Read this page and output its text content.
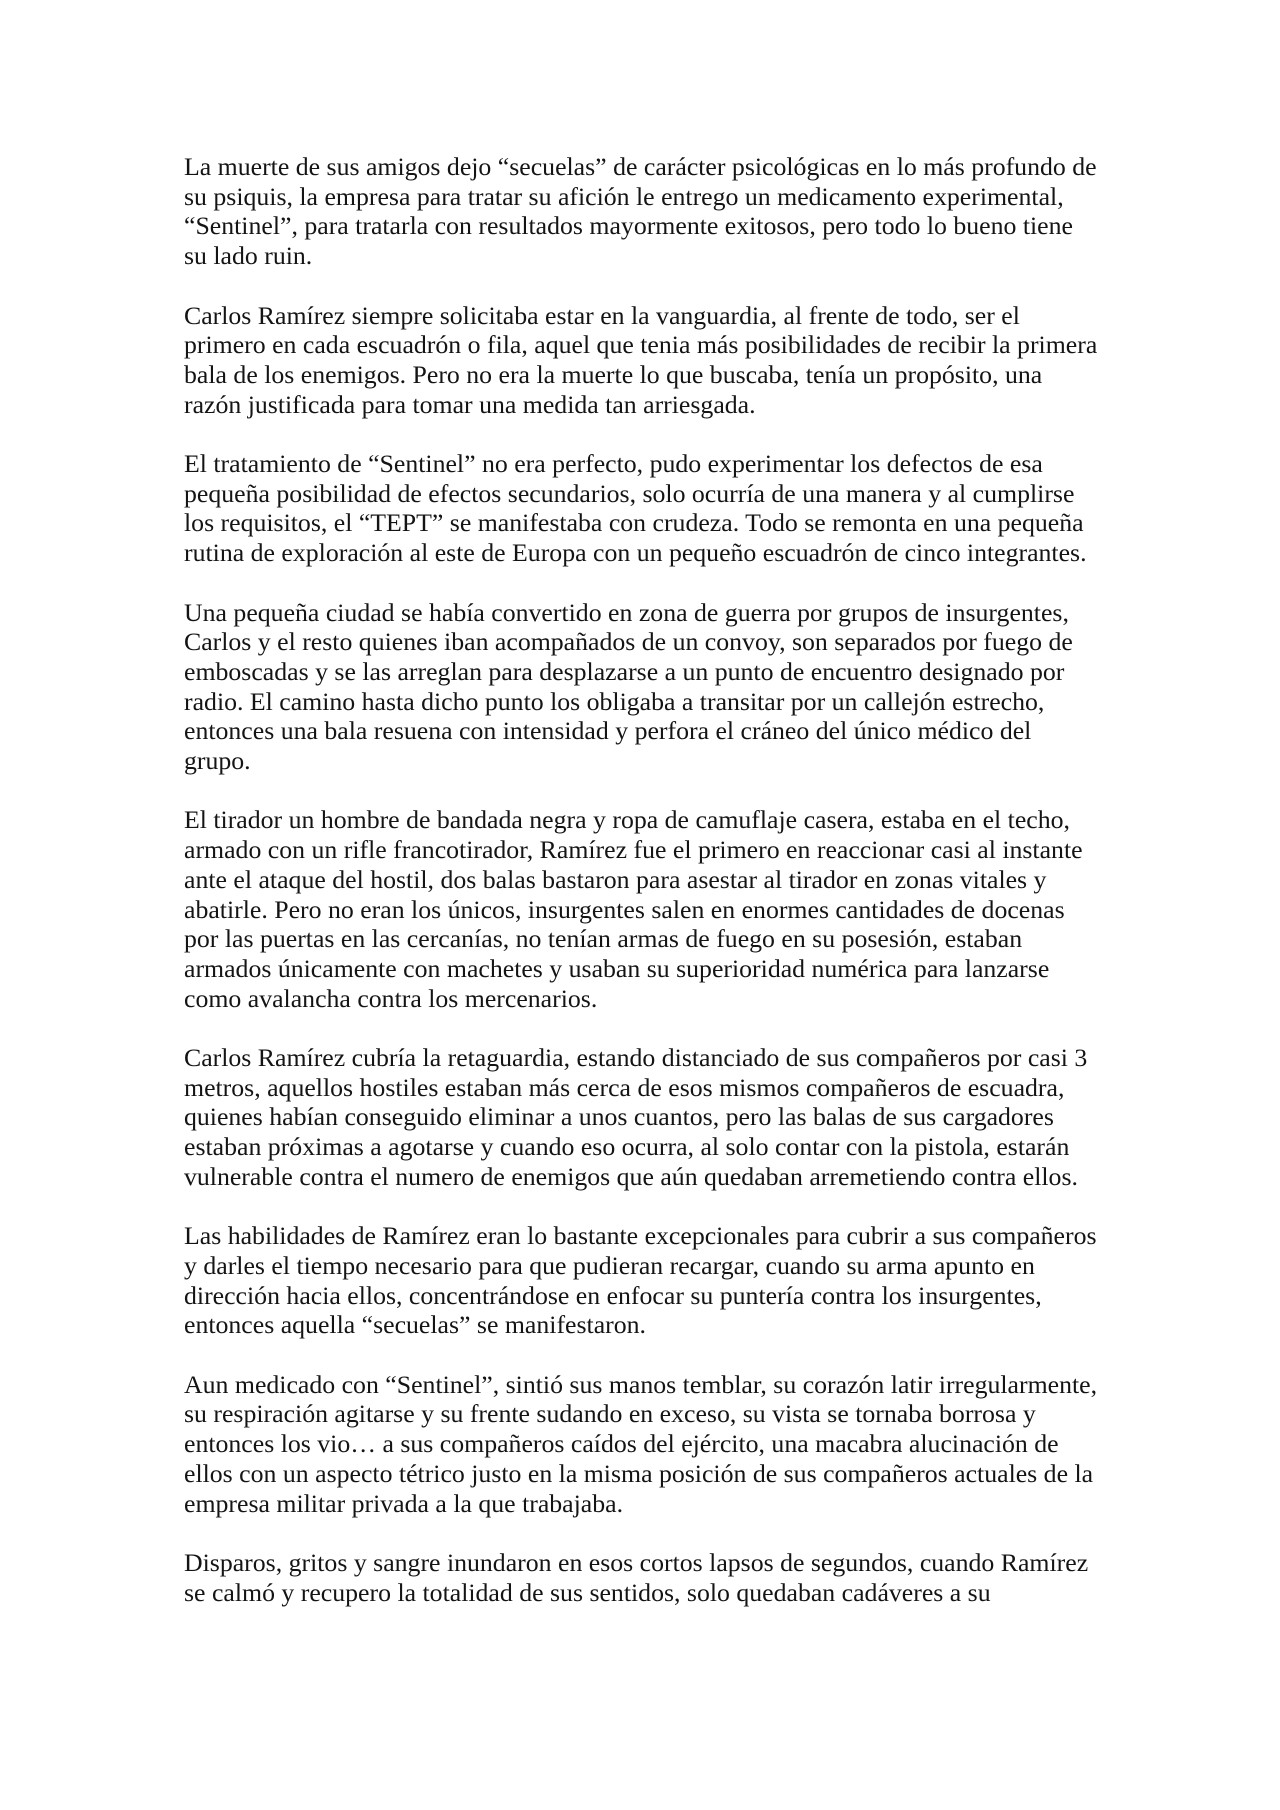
La muerte de sus amigos dejo “secuelas” de carácter psicológicas en lo más profundo de
su psiquis, la empresa para tratar su afición le entrego un medicamento experimental,
“Sentinel”, para tratarla con resultados mayormente exitosos, pero todo lo bueno tiene
su lado ruin.
Carlos Ramírez siempre solicitaba estar en la vanguardia, al frente de todo, ser el
primero en cada escuadrón o fila, aquel que tenia más posibilidades de recibir la primera
bala de los enemigos. Pero no era la muerte lo que buscaba, tenía un propósito, una
razón justificada para tomar una medida tan arriesgada.
El tratamiento de “Sentinel” no era perfecto, pudo experimentar los defectos de esa
pequeña posibilidad de efectos secundarios, solo ocurría de una manera y al cumplirse
los requisitos, el “TEPT” se manifestaba con crudeza. Todo se remonta en una pequeña
rutina de exploración al este de Europa con un pequeño escuadrón de cinco integrantes.
Una pequeña ciudad se había convertido en zona de guerra por grupos de insurgentes,
Carlos y el resto quienes iban acompañados de un convoy, son separados por fuego de
emboscadas y se las arreglan para desplazarse a un punto de encuentro designado por
radio. El camino hasta dicho punto los obligaba a transitar por un callejón estrecho,
entonces una bala resuena con intensidad y perfora el cráneo del único médico del
grupo.
El tirador un hombre de bandada negra y ropa de camuflaje casera, estaba en el techo,
armado con un rifle francotirador, Ramírez fue el primero en reaccionar casi al instante
ante el ataque del hostil, dos balas bastaron para asestar al tirador en zonas vitales y
abatirle. Pero no eran los únicos, insurgentes salen en enormes cantidades de docenas
por las puertas en las cercanías, no tenían armas de fuego en su posesión, estaban
armados únicamente con machetes y usaban su superioridad numérica para lanzarse
como avalancha contra los mercenarios.
Carlos Ramírez cubría la retaguardia, estando distanciado de sus compañeros por casi 3
metros, aquellos hostiles estaban más cerca de esos mismos compañeros de escuadra,
quienes habían conseguido eliminar a unos cuantos, pero las balas de sus cargadores
estaban próximas a agotarse y cuando eso ocurra, al solo contar con la pistola, estarán
vulnerable contra el numero de enemigos que aún quedaban arremetiendo contra ellos.
Las habilidades de Ramírez eran lo bastante excepcionales para cubrir a sus compañeros
y darles el tiempo necesario para que pudieran recargar, cuando su arma apunto en
dirección hacia ellos, concentrándose en enfocar su puntería contra los insurgentes,
entonces aquella “secuelas” se manifestaron.
Aun medicado con “Sentinel”, sintió sus manos temblar, su corazón latir irregularmente,
su respiración agitarse y su frente sudando en exceso, su vista se tornaba borrosa y
entonces los vio… a sus compañeros caídos del ejército, una macabra alucinación de
ellos con un aspecto tétrico justo en la misma posición de sus compañeros actuales de la
empresa militar privada a la que trabajaba.
Disparos, gritos y sangre inundaron en esos cortos lapsos de segundos, cuando Ramírez
se calmó y recupero la totalidad de sus sentidos, solo quedaban cadáveres a su
